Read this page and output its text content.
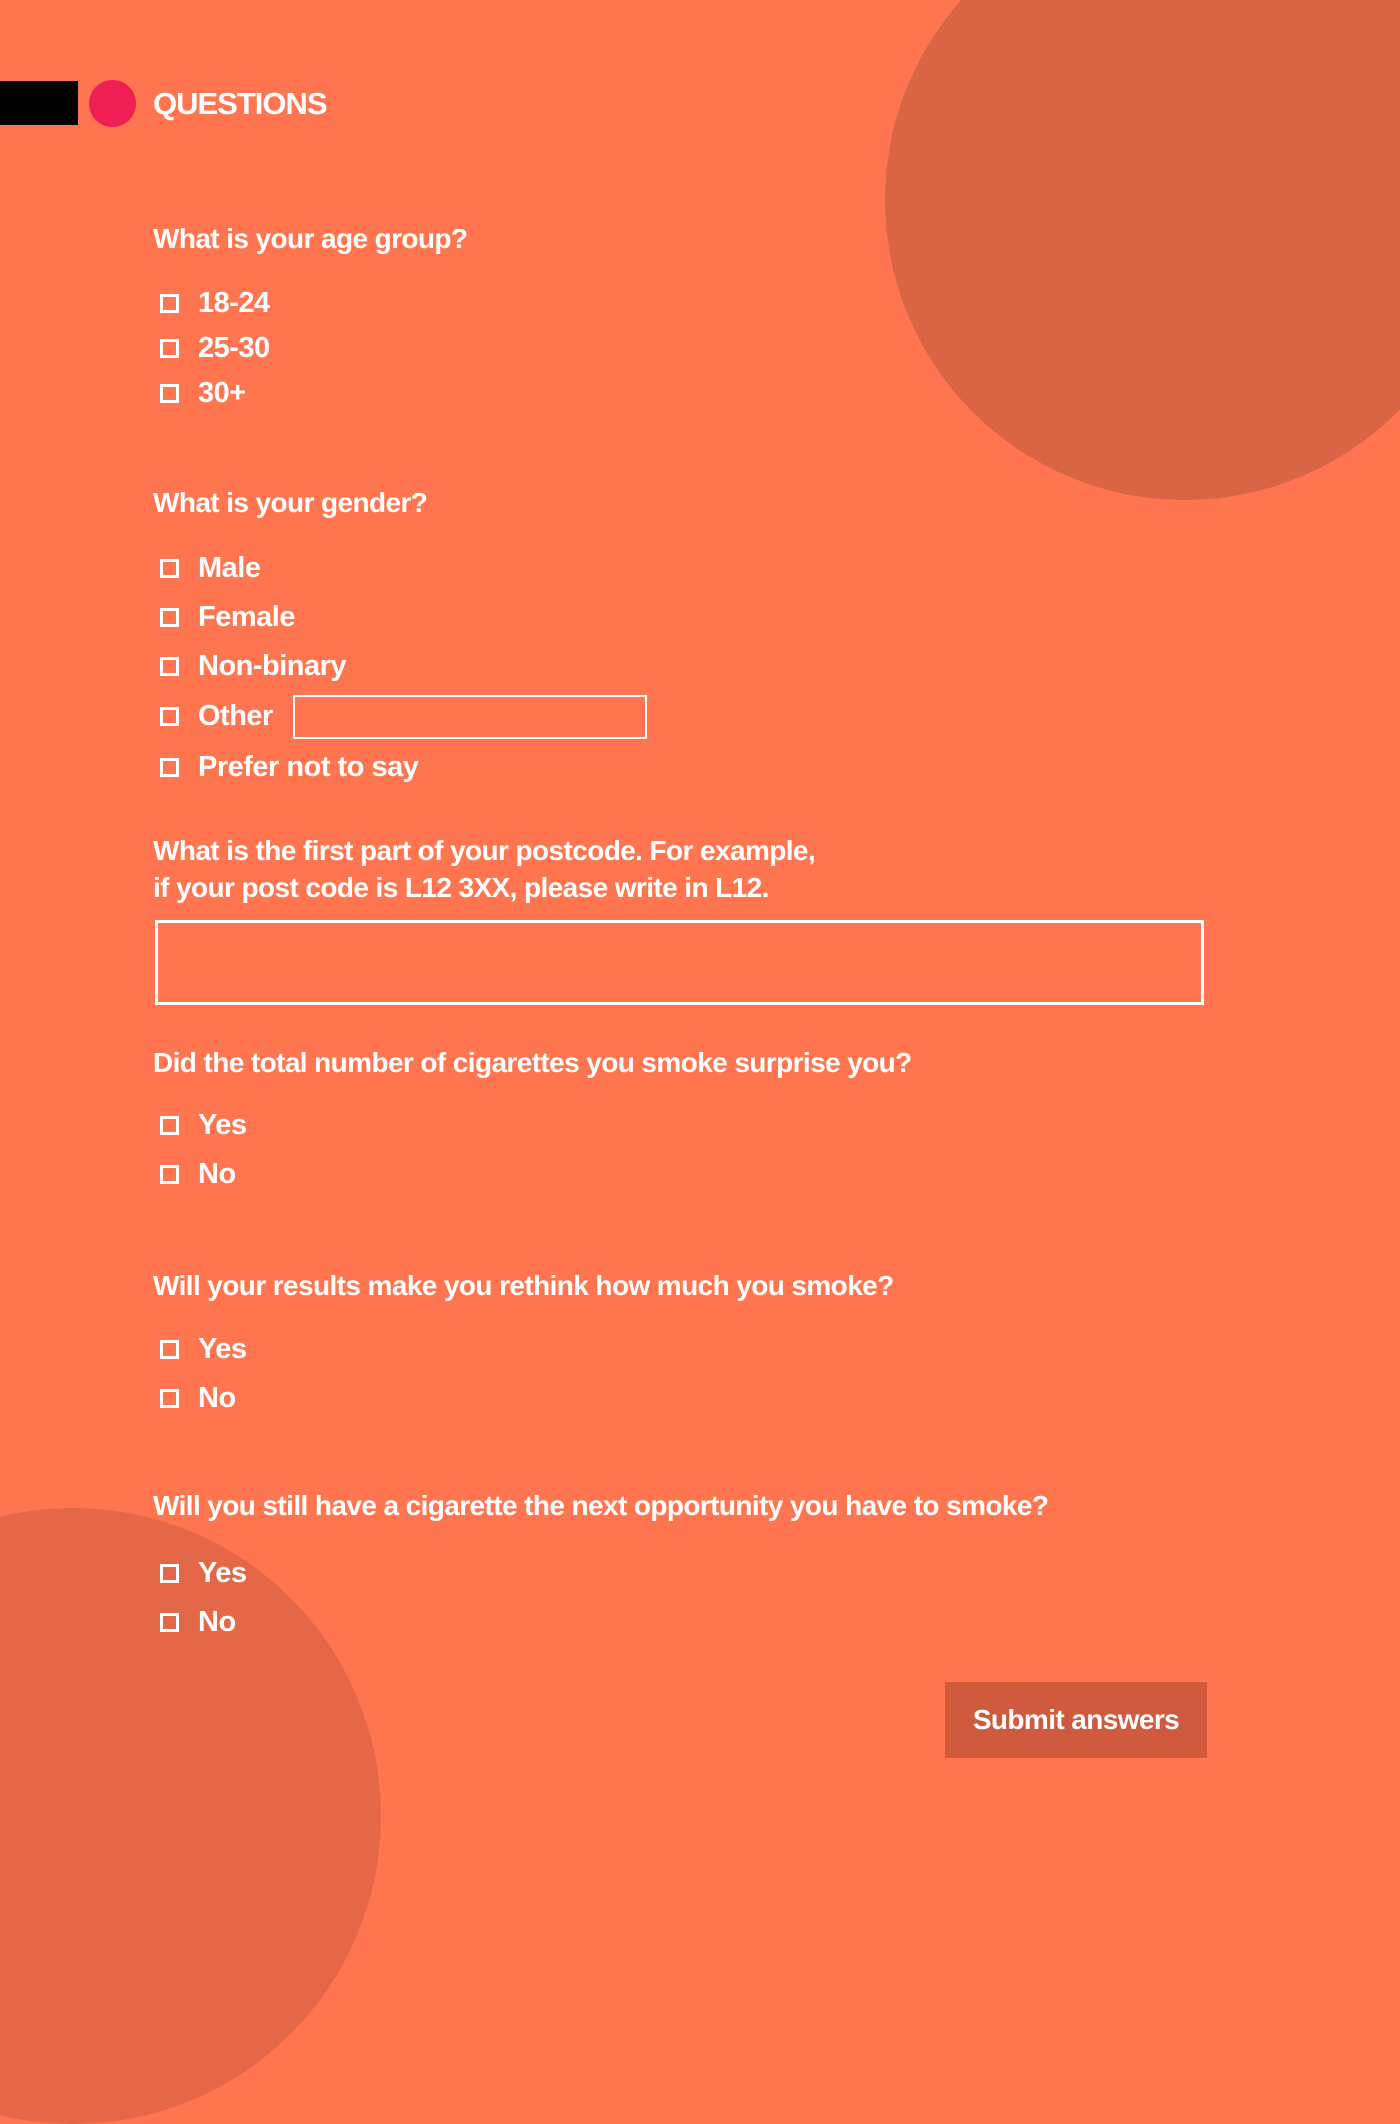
QUESTIONS

What is your age group?

18-24
25-30
30+

What is your gender?

Male
Female
Non-binary
Other
Prefer not to say

What is the first part of your postcode. For example,

if your post code is L12 3XX, please write in L12.

Did the total number of cigarettes you smoke surprise you?

Yes
No

Will your results make you rethink how much you smoke?

Yes
No

Will you still have a cigarette the next opportunity you have to smoke?

Yes
No
Submit answers
